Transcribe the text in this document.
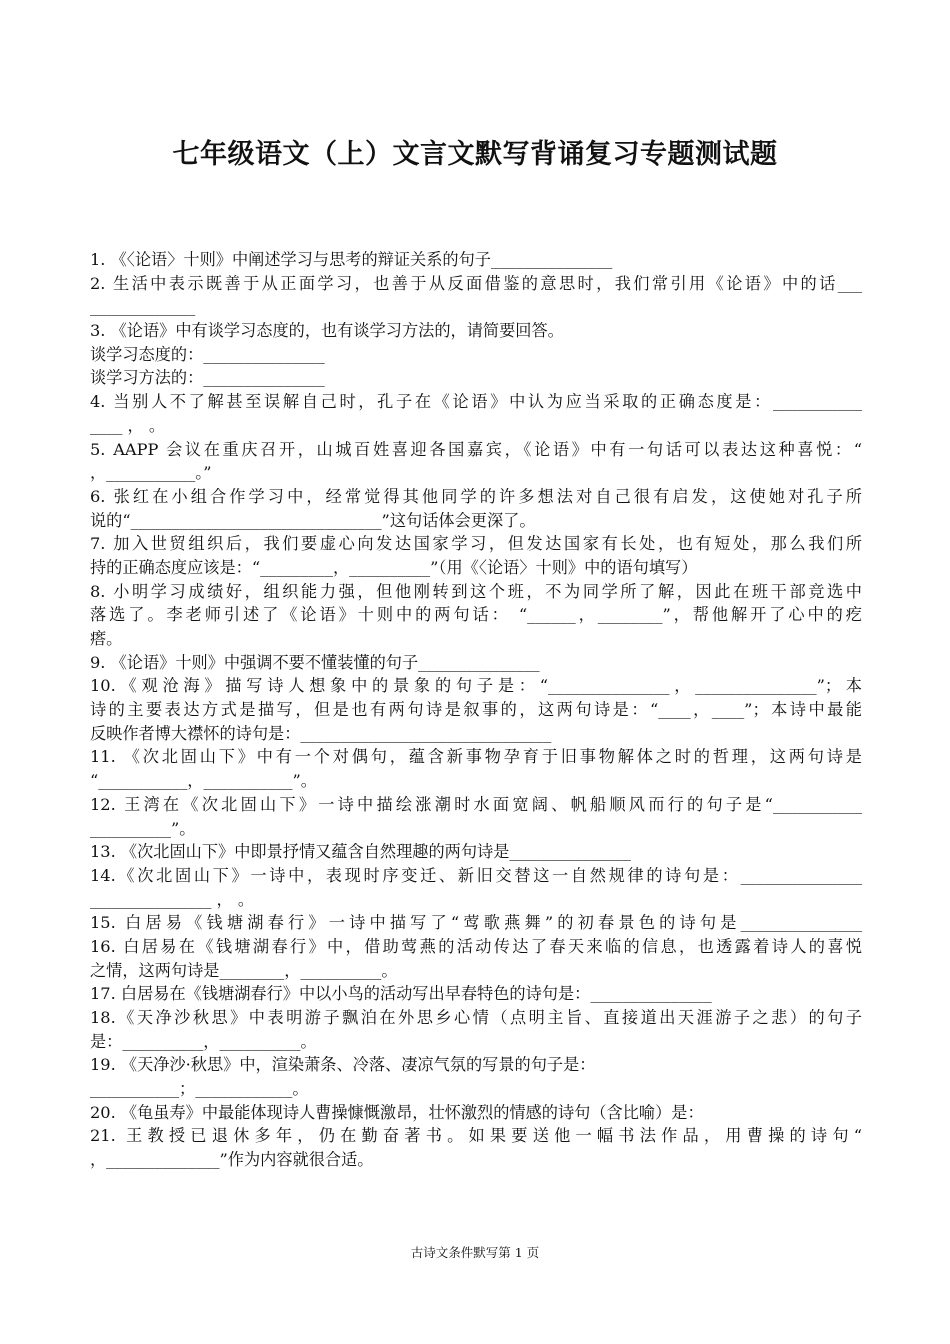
七年级语文（上）文言文默写背诵复习专题测试题
1. 《〈论语〉十则》中阐述学习与思考的辩证关系的句子_______________
2. 生活中表示既善于从正面学习，也善于从反面借鉴的意思时，我们常引用《论语》中的话___
_____________
3. 《论语》中有谈学习态度的，也有谈学习方法的，请简要回答。
谈学习态度的：_______________
谈学习方法的：_______________
4. 当别人不了解甚至误解自己时，孔子在《论语》中认为应当采取的正确态度是：___________
____ ， 。
5. AAPP 会议在重庆召开，山城百姓喜迎各国嘉宾，《论语》中有一句话可以表达这种喜悦：“
，___________。”
6. 张红在小组合作学习中，经常觉得其他同学的许多想法对自己很有启发，这使她对孔子所
说的“_______________________________”这句话体会更深了。
7. 加入世贸组织后，我们要虚心向发达国家学习，但发达国家有长处，也有短处，那么我们所
持的正确态度应该是：“_________，__________”（用《〈论语〉十则》中的语句填写）
8. 小明学习成绩好，组织能力强，但他刚转到这个班，不为同学所了解，因此在班干部竞选中
落选了。李老师引述了《论语》十则中的两句话： “______，________”，帮他解开了心中的疙
瘩。
9. 《论语》十则》中强调不要不懂装懂的句子_______________
10.《观沧海》描写诗人想象中的景象的句子是：“_______________，_______________”；本
诗的主要表达方式是描写，但是也有两句诗是叙事的，这两句诗是：“____，____”；本诗中最能
反映作者博大襟怀的诗句是：_______________________________
11. 《次北固山下》中有一个对偶句，蕴含新事物孕育于旧事物解体之时的哲理，这两句诗是
“___________，___________”。
12. 王湾在《次北固山下》一诗中描绘涨潮时水面宽阔、帆船顺风而行的句子是“___________
__________”。
13. 《次北固山下》中即景抒情又蕴含自然理趣的两句诗是_______________
14.《次北固山下》一诗中，表现时序变迁、新旧交替这一自然规律的诗句是：_______________
_______________ ， 。
15. 白居易《钱塘湖春行》一诗中描写了“莺歌燕舞”的初春景色的诗句是_______________
16. 白居易在《钱塘湖春行》中，借助莺燕的活动传达了春天来临的信息，也透露着诗人的喜悦
之情，这两句诗是________，__________。
17. 白居易在《钱塘湖春行》中以小鸟的活动写出早春特色的诗句是：_______________
18.《天净沙秋思》中表明游子飘泊在外思乡心情（点明主旨、直接道出天涯游子之悲）的句子
是：__________，__________。
19. 《天净沙·秋思》中，渲染萧条、冷落、凄凉气氛的写景的句子是：
___________；____________。
20. 《龟虽寿》中最能体现诗人曹操慷慨激昂，壮怀激烈的情感的诗句（含比喻）是：
21. 王教授已退休多年，仍在勤奋著书。如果要送他一幅书法作品，用曹操的诗句“
，______________”作为内容就很合适。
古诗文条件默写第 1 页
